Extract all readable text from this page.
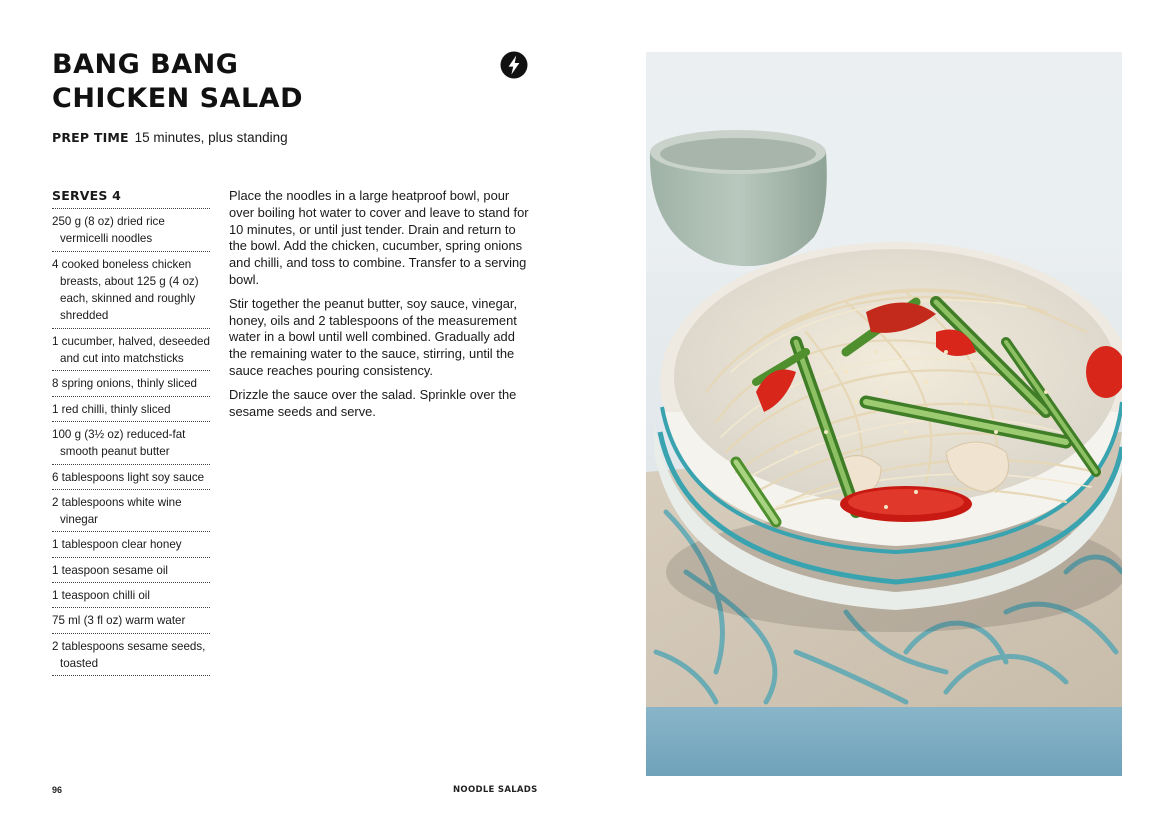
BANG BANG
CHICKEN SALAD
PREP TIME 15 minutes, plus standing
SERVES 4
250 g (8 oz) dried rice vermicelli noodles
4 cooked boneless chicken breasts, about 125 g (4 oz) each, skinned and roughly shredded
1 cucumber, halved, deseeded and cut into matchsticks
8 spring onions, thinly sliced
1 red chilli, thinly sliced
100 g (3½ oz) reduced-fat smooth peanut butter
6 tablespoons light soy sauce
2 tablespoons white wine vinegar
1 tablespoon clear honey
1 teaspoon sesame oil
1 teaspoon chilli oil
75 ml (3 fl oz) warm water
2 tablespoons sesame seeds, toasted

Place the noodles in a large heatproof bowl, pour over boiling hot water to cover and leave to stand for 10 minutes, or until just tender. Drain and return to the bowl. Add the chicken, cucumber, spring onions and chilli, and toss to combine. Transfer to a serving bowl.

Stir together the peanut butter, soy sauce, vinegar, honey, oils and 2 tablespoons of the measurement water in a bowl until well combined. Gradually add the remaining water to the sauce, stirring, until the sauce reaches pouring consistency.

Drizzle the sauce over the salad. Sprinkle over the sesame seeds and serve.

96	NOODLE SALADS
